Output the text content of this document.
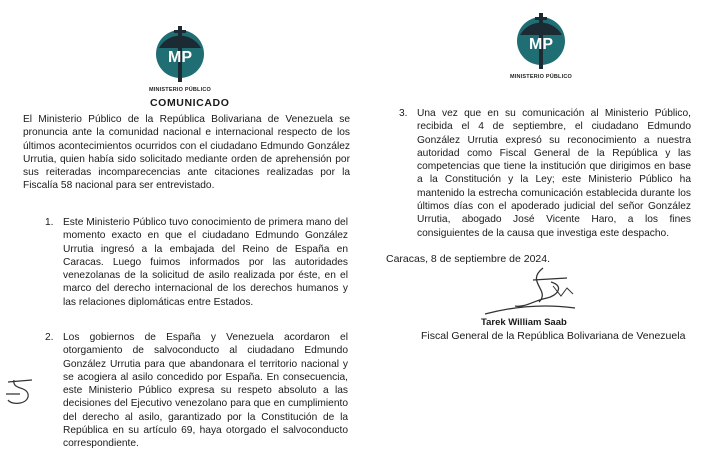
MP
MINISTERIO PÚBLICO
MP
MINISTERIO PÚBLICO
COMUNICADO

El Ministerio Público de la República Bolivariana de Venezuela se pronuncia ante la comunidad nacional e internacional respecto de los últimos acontecimientos ocurridos con el ciudadano Edmundo González Urrutia, quien había sido solicitado mediante orden de aprehensión por sus reiteradas incomparecencias ante citaciones realizadas por la Fiscalía 58 nacional para ser entrevistado.

1. Este Ministerio Público tuvo conocimiento de primera mano del momento exacto en que el ciudadano Edmundo González Urrutia ingresó a la embajada del Reino de España en Caracas. Luego fuimos informados por las autoridades venezolanas de la solicitud de asilo realizada por éste, en el marco del derecho internacional de los derechos humanos y las relaciones diplomáticas entre Estados.
2. Los gobiernos de España y Venezuela acordaron el otorgamiento de salvoconducto al ciudadano Edmundo González Urrutia para que abandonara el territorio nacional y se acogiera al asilo concedido por España. En consecuencia, este Ministerio Público expresa su respeto absoluto a las decisiones del Ejecutivo venezolano para que en cumplimiento del derecho al asilo, garantizado por la Constitución de la República en su artículo 69, haya otorgado el salvoconducto correspondiente.
3. Una vez que en su comunicación al Ministerio Público, recibida el 4 de septiembre, el ciudadano Edmundo González Urrutia expresó su reconocimiento a nuestra autoridad como Fiscal General de la República y las competencias que tiene la institución que dirigimos en base a la Constitución y la Ley; este Ministerio Público ha mantenido la estrecha comunicación establecida durante los últimos días con el apoderado judicial del señor González Urrutia, abogado José Vicente Haro, a los fines consiguientes de la causa que investiga este despacho.
Caracas, 8 de septiembre de 2024.
Tarek William Saab
Fiscal General de la República Bolivariana de Venezuela
